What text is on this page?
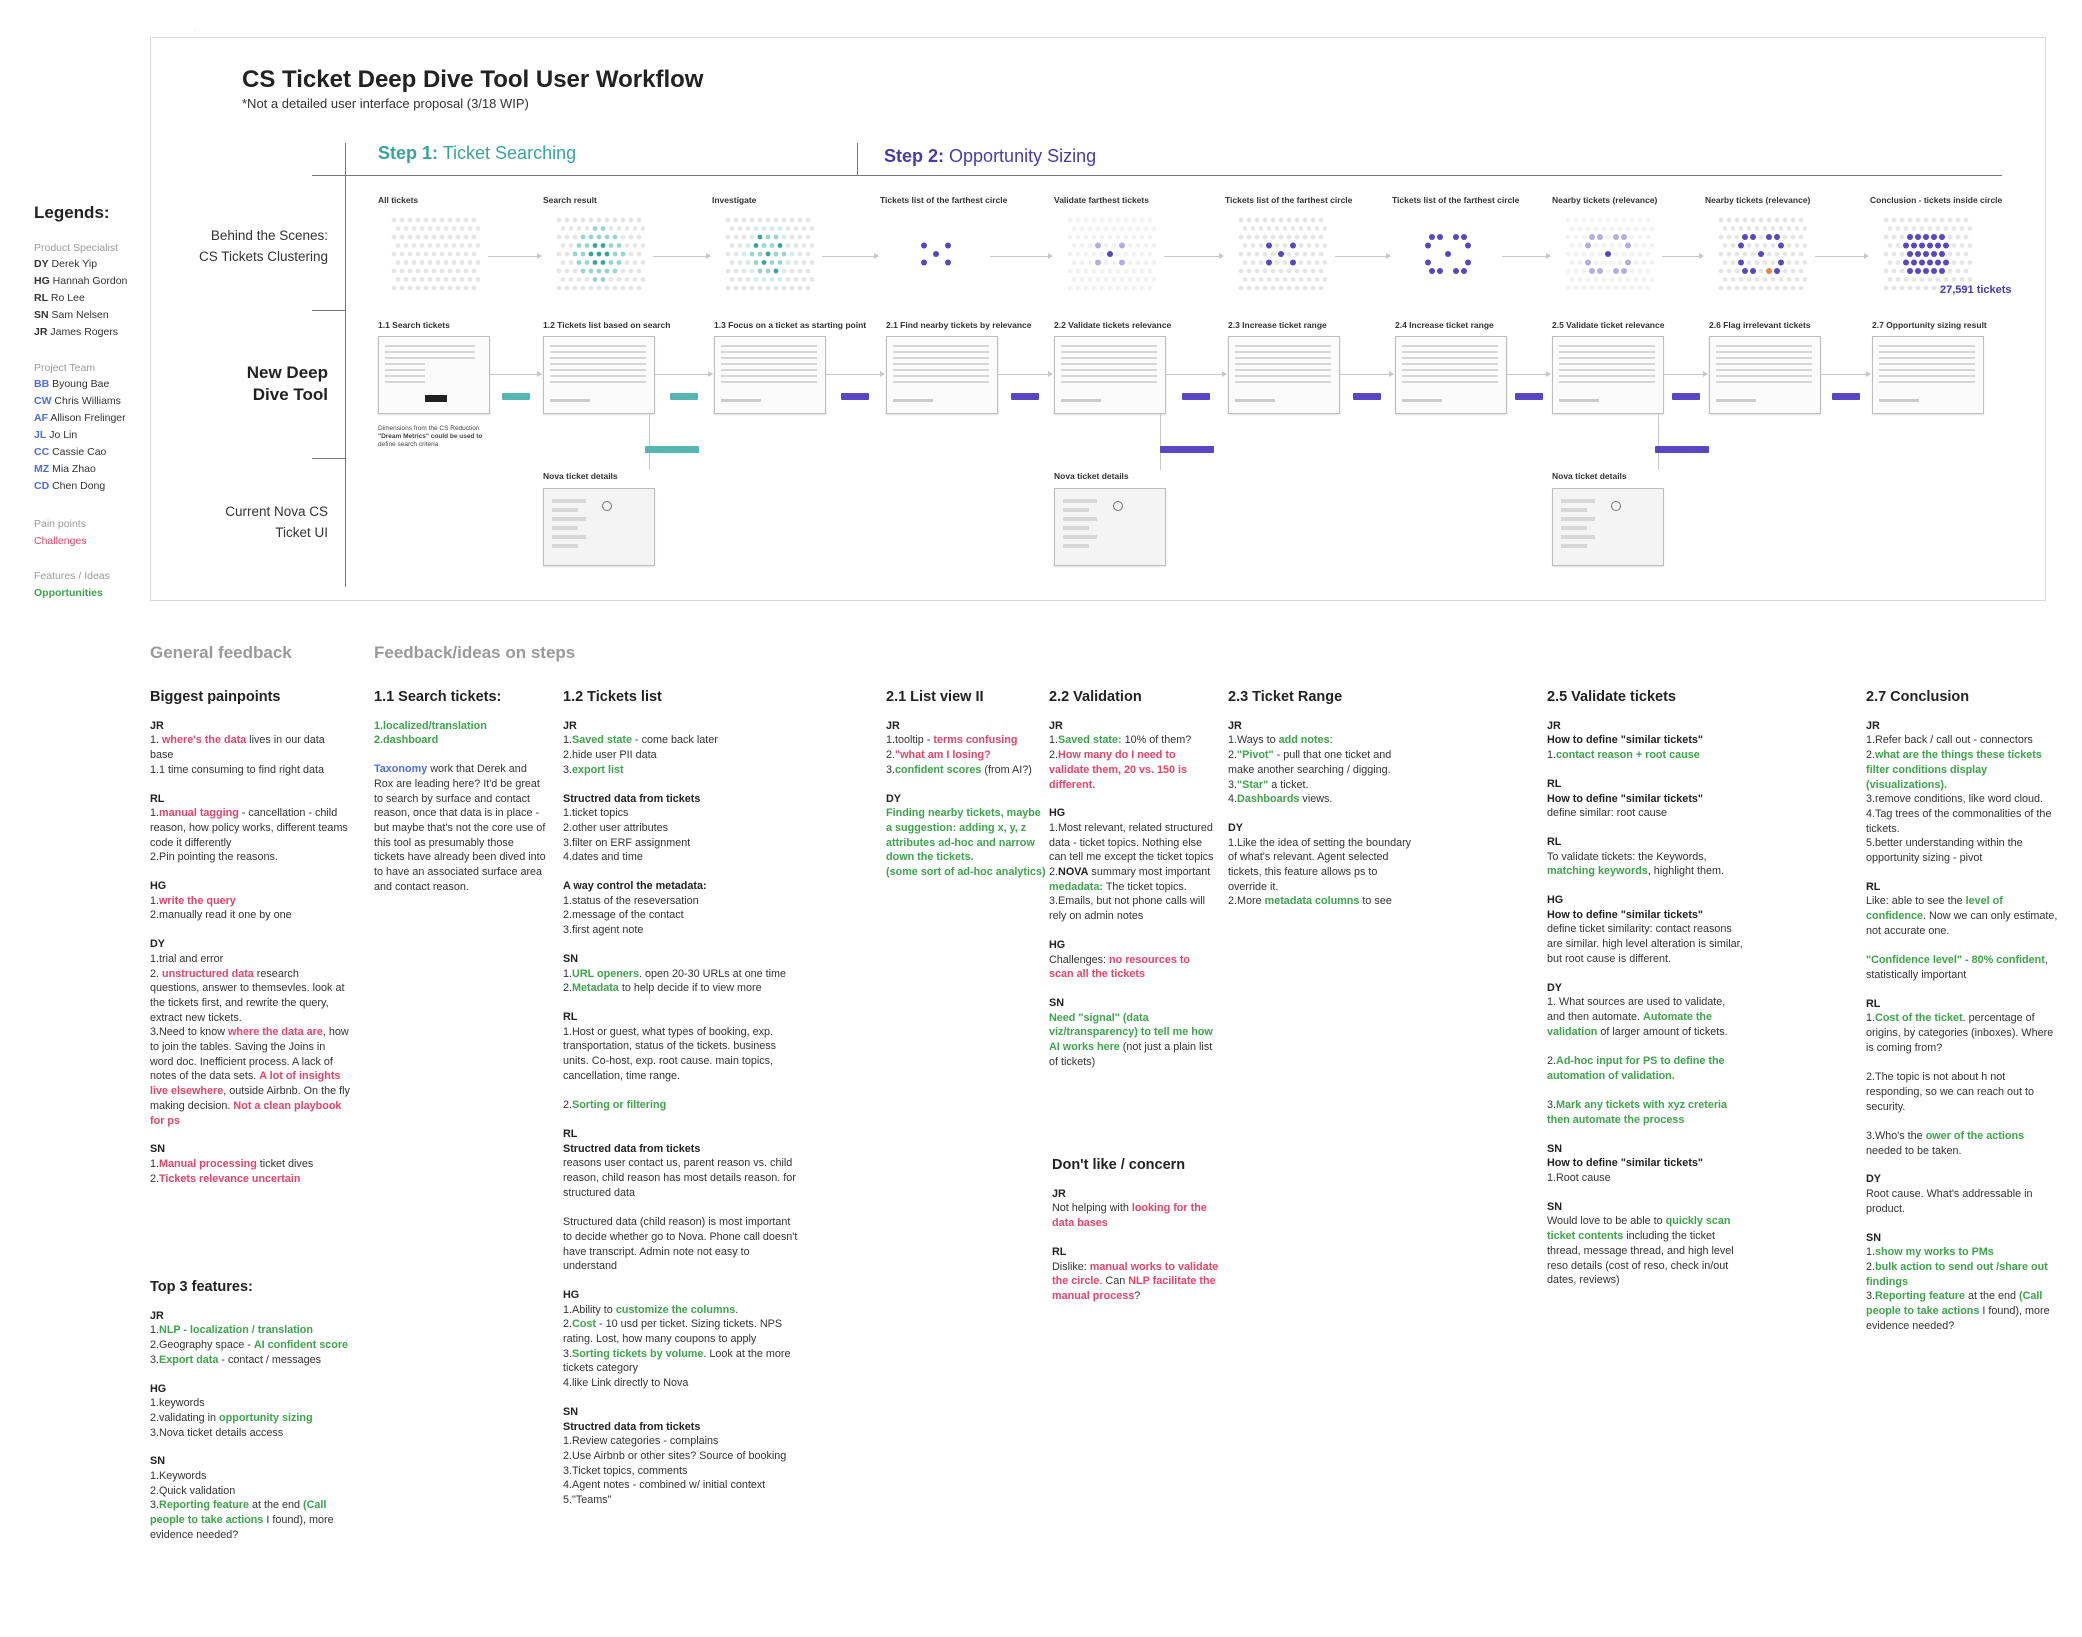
·
CS Ticket Deep Dive Tool User Workflow
*Not a detailed user interface proposal (3/18 WIP)
Step 1: Ticket Searching	Step 2: Opportunity Sizing
Behind the Scenes:
CS Tickets Clustering
New Deep
Dive Tool
Current Nova CS
Ticket UI
All tickets	Search result	Investigate	Tickets list of the farthest circle	Validate farthest tickets	Tickets list of the farthest circle	Tickets list of the farthest circle	Nearby tickets (relevance)	Nearby tickets (relevance)	Conclusion - tickets inside circle
27,591 tickets
1.1 Search tickets	1.2 Tickets list based on search	1.3 Focus on a ticket as starting point 2.1 Find nearby tickets by relevance	2.2 Validate tickets relevance	2.3 Increase ticket range	2.4 Increase ticket range	2.5 Validate ticket relevance	2.6 Flag irrelevant tickets	2.7 Opportunity sizing result
Dimensions from the CS Reduction
"Dream Metrics" could be used to
define search criteria
Nova ticket details	Nova ticket details	Nova ticket details
Legends:
Product Specialist
DY Derek Yip
HG Hannah Gordon
RL Ro Lee
SN Sam Nelsen
JR James Rogers
Project Team
BB Byoung Bae
CW Chris Williams
AF Allison Frelinger
JL Jo Lin
CC Cassie Cao
MZ Mia Zhao
CD Chen Dong
Pain points
Challenges
Features / Ideas
Opportunities
General feedback	Feedback/ideas on steps
Biggest painpoints

JR

1. where's the data lives in our data base

1.1 time consuming to find right data

RL

1.manual tagging - cancellation - child reason, how policy works, different teams code it differently

2.Pin pointing the reasons.

HG

1.write the query

2.manually read it one by one

DY

1.trial and error

2. unstructured data research questions, answer to themsevles. look at the tickets first, and rewrite the query, extract new tickets.

3.Need to know where the data are, how to join the tables. Saving the Joins in word doc. Inefficient process. A lack of notes of the data sets. A lot of insights live elsewhere, outside Airbnb. On the fly making decision. Not a clean playbook for ps

SN

1.Manual processing ticket dives

2.Tickets relevance uncertain

Top 3 features:

JR

1.NLP - localization / translation

2.Geography space - AI confident score

3.Export data - contact / messages

HG

1.keywords

2.validating in opportunity sizing

3.Nova ticket details access

SN

1.Keywords

2.Quick validation

3.Reporting feature at the end (Call people to take actions I found), more evidence needed?

1.1 Search tickets:

1.localized/translation

2.dashboard

Taxonomy work that Derek and Rox are leading here? It'd be great to search by surface and contact reason, once that data is in place - but maybe that's not the core use of this tool as presumably those tickets have already been dived into to have an associated surface area and contact reason.

1.2 Tickets list

JR

1.Saved state - come back later

2.hide user PII data

3.export list

Structred data from tickets

1.ticket topics

2.other user attributes

3.filter on ERF assignment

4.dates and time

A way control the metadata:

1.status of the reseversation

2.message of the contact

3.first agent note

SN

1.URL openers. open 20-30 URLs at one time

2.Metadata to help decide if to view more

RL

1.Host or guest, what types of booking, exp. transportation, status of the tickets. business units. Co-host, exp. root cause. main topics, cancellation, time range.

2.Sorting or filtering

RL

Structred data from tickets

reasons user contact us, parent reason vs. child reason, child reason has most details reason. for structured data

Structured data (child reason) is most important to decide whether go to Nova. Phone call doesn't have transcript. Admin note not easy to understand

HG

1.Ability to customize the columns.

2.Cost - 10 usd per ticket. Sizing tickets. NPS rating. Lost, how many coupons to apply

3.Sorting tickets by volume. Look at the more tickets category

4.like Link directly to Nova

SN

Structred data from tickets

1.Review categories - complains

2.Use Airbnb or other sites? Source of booking

3.Ticket topics, comments

4.Agent notes - combined w/ initial context

5."Teams"

2.1 List view II

JR

1.tooltip - terms confusing

2."what am I losing?

3.confident scores (from AI?)

DY

Finding nearby tickets, maybe a suggestion: adding x, y, z attributes ad-hoc and narrow down the tickets.

(some sort of ad-hoc analytics)

2.2 Validation

JR

1.Saved state: 10% of them?

2.How many do I need to validate them, 20 vs. 150 is different.

HG

1.Most relevant, related structured data - ticket topics. Nothing else can tell me except the ticket topics

2.NOVA summary most important medadata: The ticket topics.

3.Emails, but not phone calls will rely on admin notes

HG

Challenges: no resources to scan all the tickets

SN

Need "signal" (data viz/transparency) to tell me how AI works here (not just a plain list of tickets)

Don't like / concern

JR

Not helping with looking for the data bases

RL

Dislike: manual works to validate the circle. Can NLP facilitate the manual process?

2.3 Ticket Range

JR

1.Ways to add notes:

2."Pivot" - pull that one ticket and make another searching / digging.

3."Star" a ticket.

4.Dashboards views.

DY

1.Like the idea of setting the boundary of what's relevant. Agent selected tickets, this feature allows ps to override it.

2.More metadata columns to see

2.5 Validate tickets

JR

How to define "similar tickets"

1.contact reason + root cause

RL

How to define "similar tickets"

define similar: root cause

RL

To validate tickets: the Keywords, matching keywords, highlight them.

HG

How to define "similar tickets"

define ticket similarity: contact reasons are similar. high level alteration is similar, but root cause is different.

DY

1. What sources are used to validate, and then automate. Automate the validation of larger amount of tickets.

2.Ad-hoc input for PS to define the automation of validation.

3.Mark any tickets with xyz creteria then automate the process

SN

How to define "similar tickets"

1.Root cause

SN

Would love to be able to quickly scan ticket contents including the ticket thread, message thread, and high level reso details (cost of reso, check in/out dates, reviews)

2.7 Conclusion

JR

1.Refer back / call out - connectors

2.what are the things these tickets filter conditions display (visualizations).

3.remove conditions, like word cloud.

4.Tag trees of the commonalities of the tickets.

5.better understanding within the opportunity sizing - pivot

RL

Like: able to see the level of confidence. Now we can only estimate, not accurate one.

"Confidence level" - 80% confident, statistically important

RL

1.Cost of the ticket. percentage of origins, by categories (inboxes). Where is coming from?

2.The topic is not about h not responding, so we can reach out to security.

3.Who's the ower of the actions needed to be taken.

DY

Root cause. What's addressable in product.

SN

1.show my works to PMs

2.bulk action to send out /share out findings

3.Reporting feature at the end (Call people to take actions I found), more evidence needed?
